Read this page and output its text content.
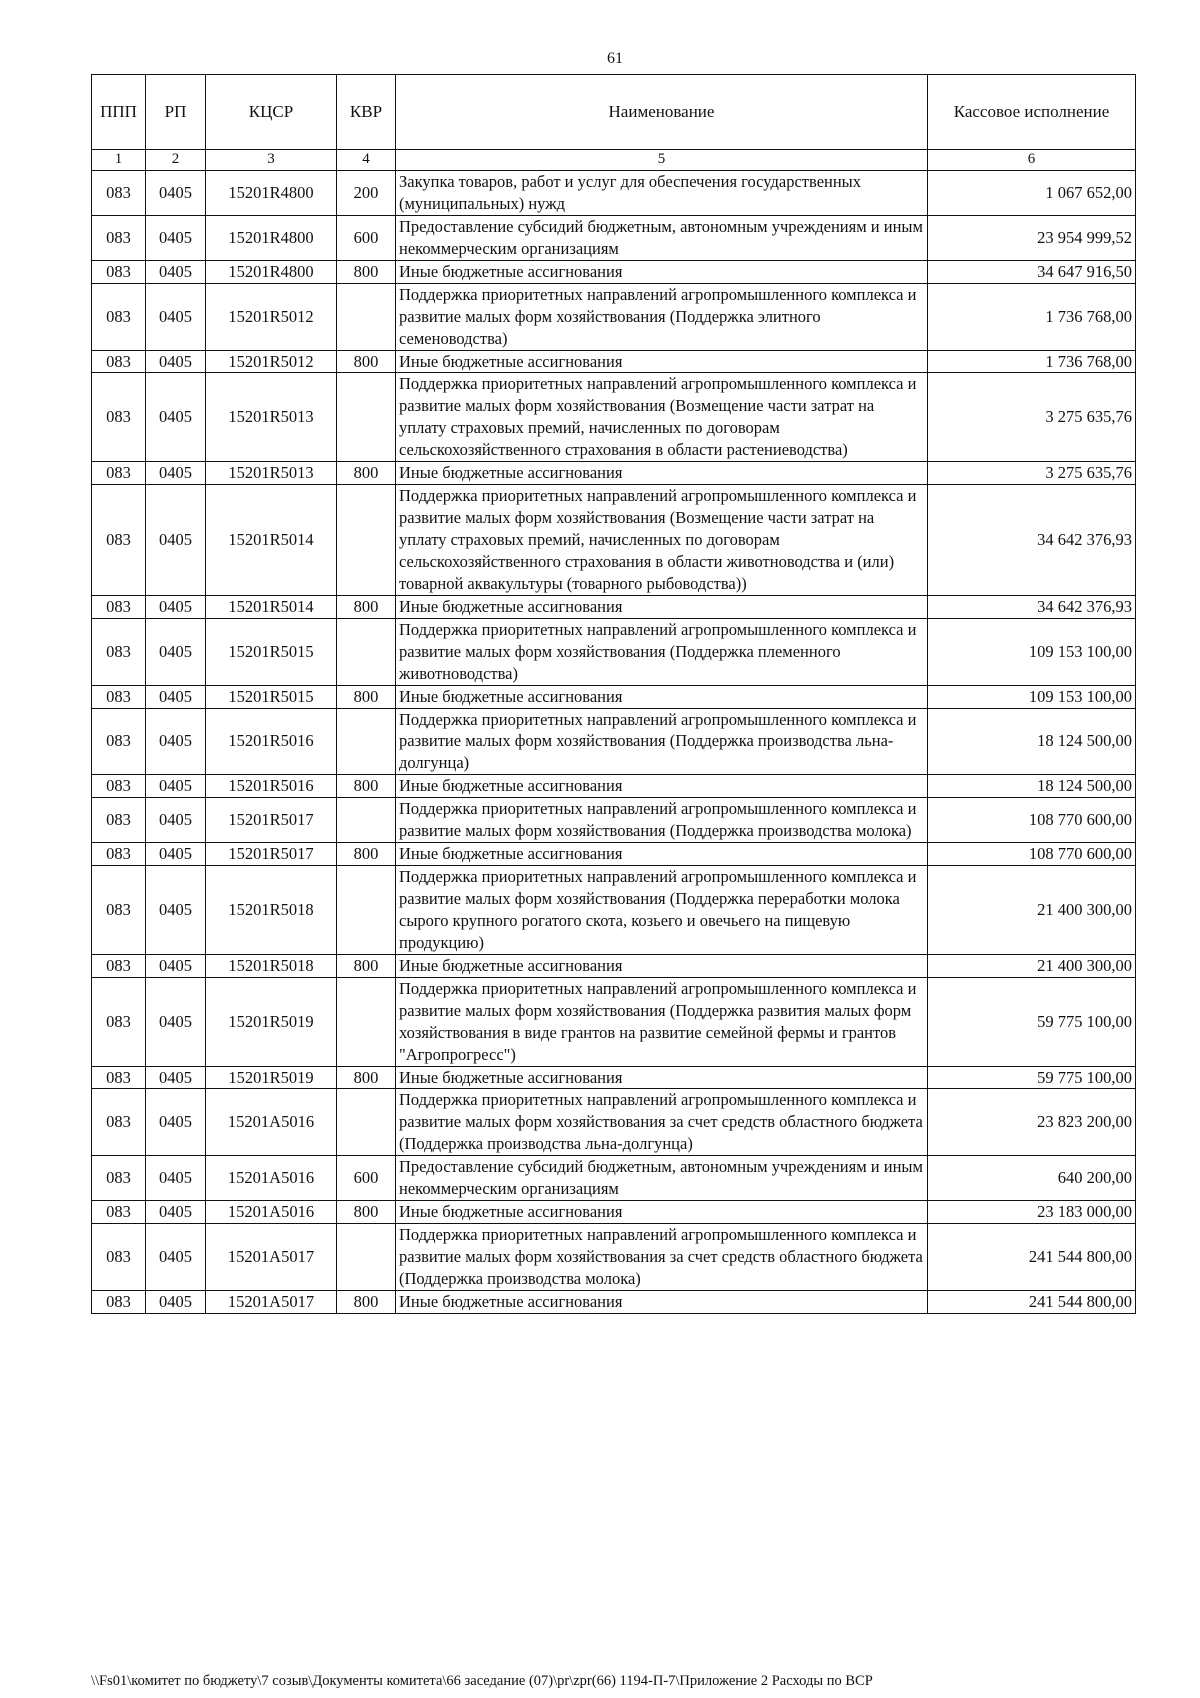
61
ППП	РП	КЦСР	КВР	Наименование	Кассовое исполнение
1	2	3	4	5	6
083	0405	15201R4800	200	Закупка товаров, работ и услуг для обеспечения государственных (муниципальных) нужд	1 067 652,00
083	0405	15201R4800	600	Предоставление субсидий бюджетным, автономным учреждениям и иным некоммерческим организациям	23 954 999,52
083	0405	15201R4800	800	Иные бюджетные ассигнования	34 647 916,50
083	0405	15201R5012		Поддержка приоритетных направлений агропромышленного комплекса и развитие малых форм хозяйствования (Поддержка элитного семеноводства)	1 736 768,00
083	0405	15201R5012	800	Иные бюджетные ассигнования	1 736 768,00
083	0405	15201R5013		Поддержка приоритетных направлений агропромышленного комплекса и развитие малых форм хозяйствования (Возмещение части затрат на уплату страховых премий, начисленных по договорам сельскохозяйственного страхования в области растениеводства)	3 275 635,76
083	0405	15201R5013	800	Иные бюджетные ассигнования	3 275 635,76
083	0405	15201R5014		Поддержка приоритетных направлений агропромышленного комплекса и развитие малых форм хозяйствования (Возмещение части затрат на уплату страховых премий, начисленных по договорам сельскохозяйственного страхования в области животноводства и (или) товарной аквакультуры (товарного рыбоводства))	34 642 376,93
083	0405	15201R5014	800	Иные бюджетные ассигнования	34 642 376,93
083	0405	15201R5015		Поддержка приоритетных направлений агропромышленного комплекса и развитие малых форм хозяйствования (Поддержка племенного животноводства)	109 153 100,00
083	0405	15201R5015	800	Иные бюджетные ассигнования	109 153 100,00
083	0405	15201R5016		Поддержка приоритетных направлений агропромышленного комплекса и развитие малых форм хозяйствования (Поддержка производства льна-долгунца)	18 124 500,00
083	0405	15201R5016	800	Иные бюджетные ассигнования	18 124 500,00
083	0405	15201R5017		Поддержка приоритетных направлений агропромышленного комплекса и развитие малых форм хозяйствования (Поддержка производства молока)	108 770 600,00
083	0405	15201R5017	800	Иные бюджетные ассигнования	108 770 600,00
083	0405	15201R5018		Поддержка приоритетных направлений агропромышленного комплекса и развитие малых форм хозяйствования (Поддержка переработки молока сырого крупного рогатого скота, козьего и овечьего на пищевую продукцию)	21 400 300,00
083	0405	15201R5018	800	Иные бюджетные ассигнования	21 400 300,00
083	0405	15201R5019		Поддержка приоритетных направлений агропромышленного комплекса и развитие малых форм хозяйствования (Поддержка развития малых форм хозяйствования в виде грантов на развитие семейной фермы и грантов "Агропрогресс")	59 775 100,00
083	0405	15201R5019	800	Иные бюджетные ассигнования	59 775 100,00
083	0405	15201A5016		Поддержка приоритетных направлений агропромышленного комплекса и развитие малых форм хозяйствования за счет средств областного бюджета (Поддержка производства льна-долгунца)	23 823 200,00
083	0405	15201A5016	600	Предоставление субсидий бюджетным, автономным учреждениям и иным некоммерческим организациям	640 200,00
083	0405	15201A5016	800	Иные бюджетные ассигнования	23 183 000,00
083	0405	15201A5017		Поддержка приоритетных направлений агропромышленного комплекса и развитие малых форм хозяйствования за счет средств областного бюджета (Поддержка производства молока)	241 544 800,00
083	0405	15201A5017	800	Иные бюджетные ассигнования	241 544 800,00
\\Fs01\комитет по бюджету\7 созыв\Документы комитета\66 заседание (07)\pr\zpr(66) 1194-П-7\Приложение 2 Расходы по ВСР
